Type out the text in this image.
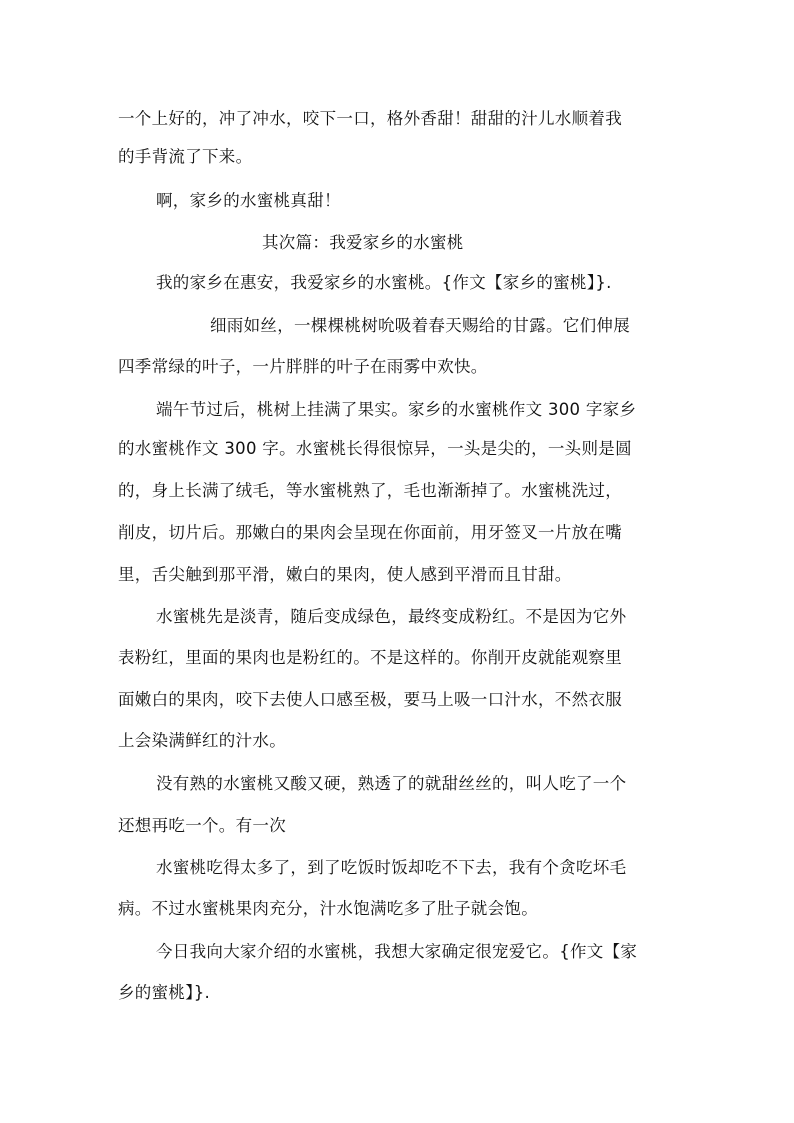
一个上好的，冲了冲水，咬下一口，格外香甜！甜甜的汁儿水顺着我
的手背流了下来。
啊，家乡的水蜜桃真甜！
其次篇：我爱家乡的水蜜桃
我的家乡在惠安，我爱家乡的水蜜桃。{作文【家乡的蜜桃】}.
细雨如丝，一棵棵桃树吮吸着春天赐给的甘露。它们伸展
四季常绿的叶子，一片胖胖的叶子在雨雾中欢快。
端午节过后，桃树上挂满了果实。家乡的水蜜桃作文 300 字家乡
的水蜜桃作文 300 字。水蜜桃长得很惊异，一头是尖的，一头则是圆
的，身上长满了绒毛，等水蜜桃熟了，毛也渐渐掉了。水蜜桃洗过，
削皮，切片后。那嫩白的果肉会呈现在你面前，用牙签叉一片放在嘴
里，舌尖触到那平滑，嫩白的果肉，使人感到平滑而且甘甜。
水蜜桃先是淡青，随后变成绿色，最终变成粉红。不是因为它外
表粉红，里面的果肉也是粉红的。不是这样的。你削开皮就能观察里
面嫩白的果肉，咬下去使人口感至极，要马上吸一口汁水，不然衣服
上会染满鲜红的汁水。
没有熟的水蜜桃又酸又硬，熟透了的就甜丝丝的，叫人吃了一个
还想再吃一个。有一次
水蜜桃吃得太多了，到了吃饭时饭却吃不下去，我有个贪吃坏毛
病。不过水蜜桃果肉充分，汁水饱满吃多了肚子就会饱。
今日我向大家介绍的水蜜桃，我想大家确定很宠爱它。{作文【家
乡的蜜桃】}.
